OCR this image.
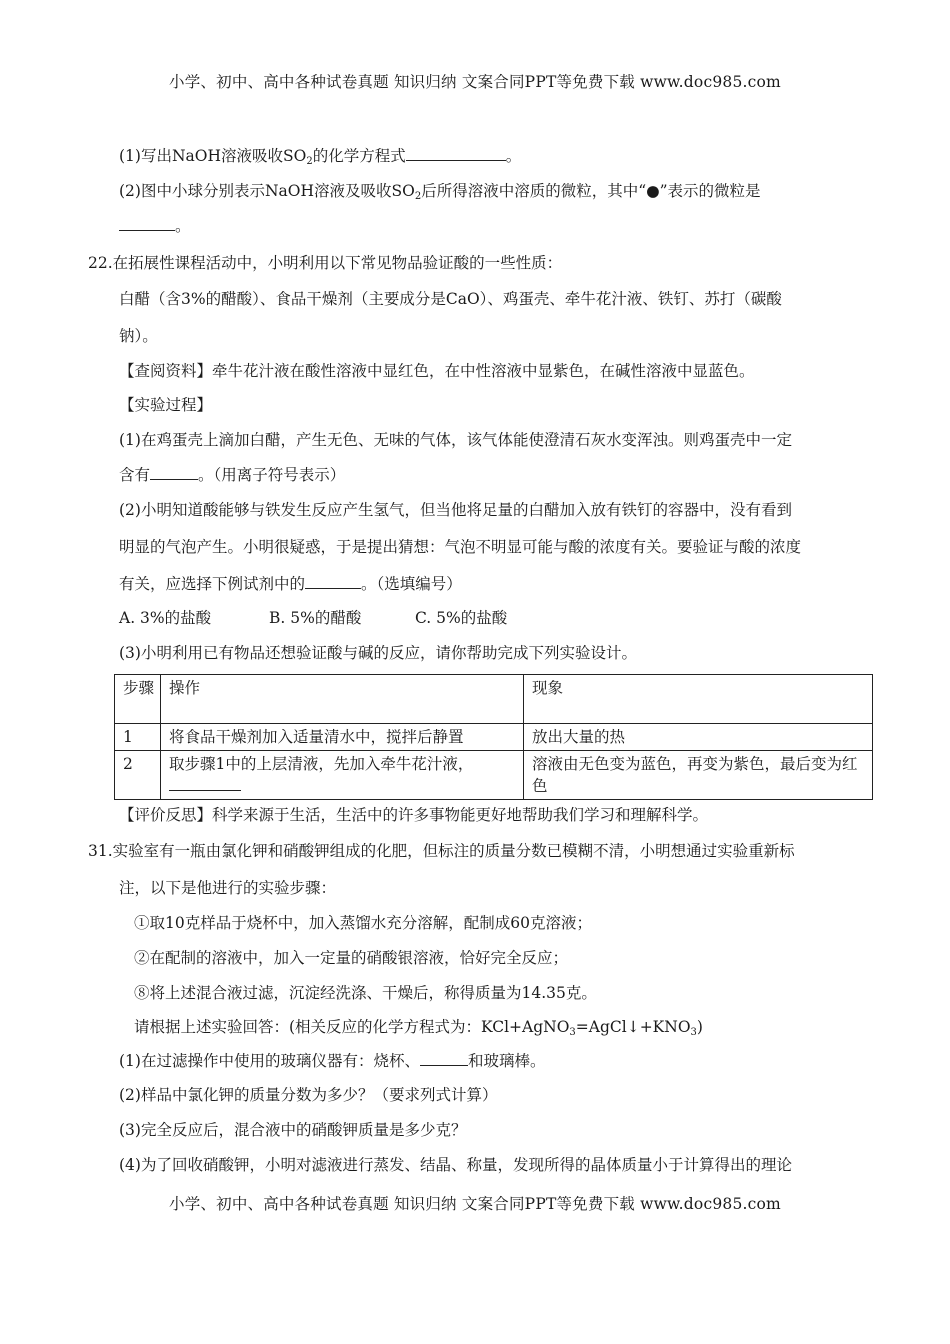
小学、初中、高中各种试卷真题 知识归纳 文案合同PPT等免费下载 www.doc985.com
(1)写出NaOH溶液吸收$SO_2$的化学方程式	。
(2)图中小球分别表示NaOH溶液及吸收$SO_2$后所得溶液中溶质的微粒，其中“●”表示的微粒是
。
22.在拓展性课程活动中，小明利用以下常见物品验证酸的一些性质：
白醋（含3%的醋酸）、食品干燥剂（主要成分是CaO）、鸡蛋壳、牵牛花汁液、铁钉、苏打（碳酸
钠）。
【查阅资料】牵牛花汁液在酸性溶液中显红色，在中性溶液中显紫色，在碱性溶液中显蓝色。
【实验过程】
(1)在鸡蛋壳上滴加白醋，产生无色、无味的气体，该气体能使澄清石灰水变浑浊。则鸡蛋壳中一定
含有	。（用离子符号表示）
(2)小明知道酸能够与铁发生反应产生氢气，但当他将足量的白醋加入放有铁钉的容器中，没有看到
明显的气泡产生。小明很疑惑，于是提出猜想：气泡不明显可能与酸的浓度有关。要验证与酸的浓度
有关，应选择下例试剂中的	。（选填编号）
A. 3%的盐酸	B. 5%的醋酸	C. 5%的盐酸
(3)小明利用已有物品还想验证酸与碱的反应，请你帮助完成下列实验设计。
步骤	操作	现象
1	将食品干燥剂加入适量清水中，搅拌后静置	放出大量的热
2	取步骤1中的上层清液，先加入牵牛花汁液，	溶液由无色变为蓝色，再变为紫色，最后变为红色
【评价反思】科学来源于生活，生活中的许多事物能更好地帮助我们学习和理解科学。
31.实验室有一瓶由氯化钾和硝酸钾组成的化肥，但标注的质量分数已模糊不清，小明想通过实验重新标
注，以下是他进行的实验步骤：
①取10克样品于烧杯中，加入蒸馏水充分溶解，配制成60克溶液；
②在配制的溶液中，加入一定量的硝酸银溶液，恰好完全反应；
⑧将上述混合液过滤，沉淀经洗涤、干燥后，称得质量为14.35克。
请根据上述实验回答：(相关反应的化学方程式为：$KCl+AgNO_3=AgCl↓+KNO_3$)
(1)在过滤操作中使用的玻璃仪器有：烧杯、	和玻璃棒。
(2)样品中氯化钾的质量分数为多少？（要求列式计算）
(3)完全反应后，混合液中的硝酸钾质量是多少克？
(4)为了回收硝酸钾，小明对滤液进行蒸发、结晶、称量，发现所得的晶体质量小于计算得出的理论
小学、初中、高中各种试卷真题 知识归纳 文案合同PPT等免费下载 www.doc985.com
